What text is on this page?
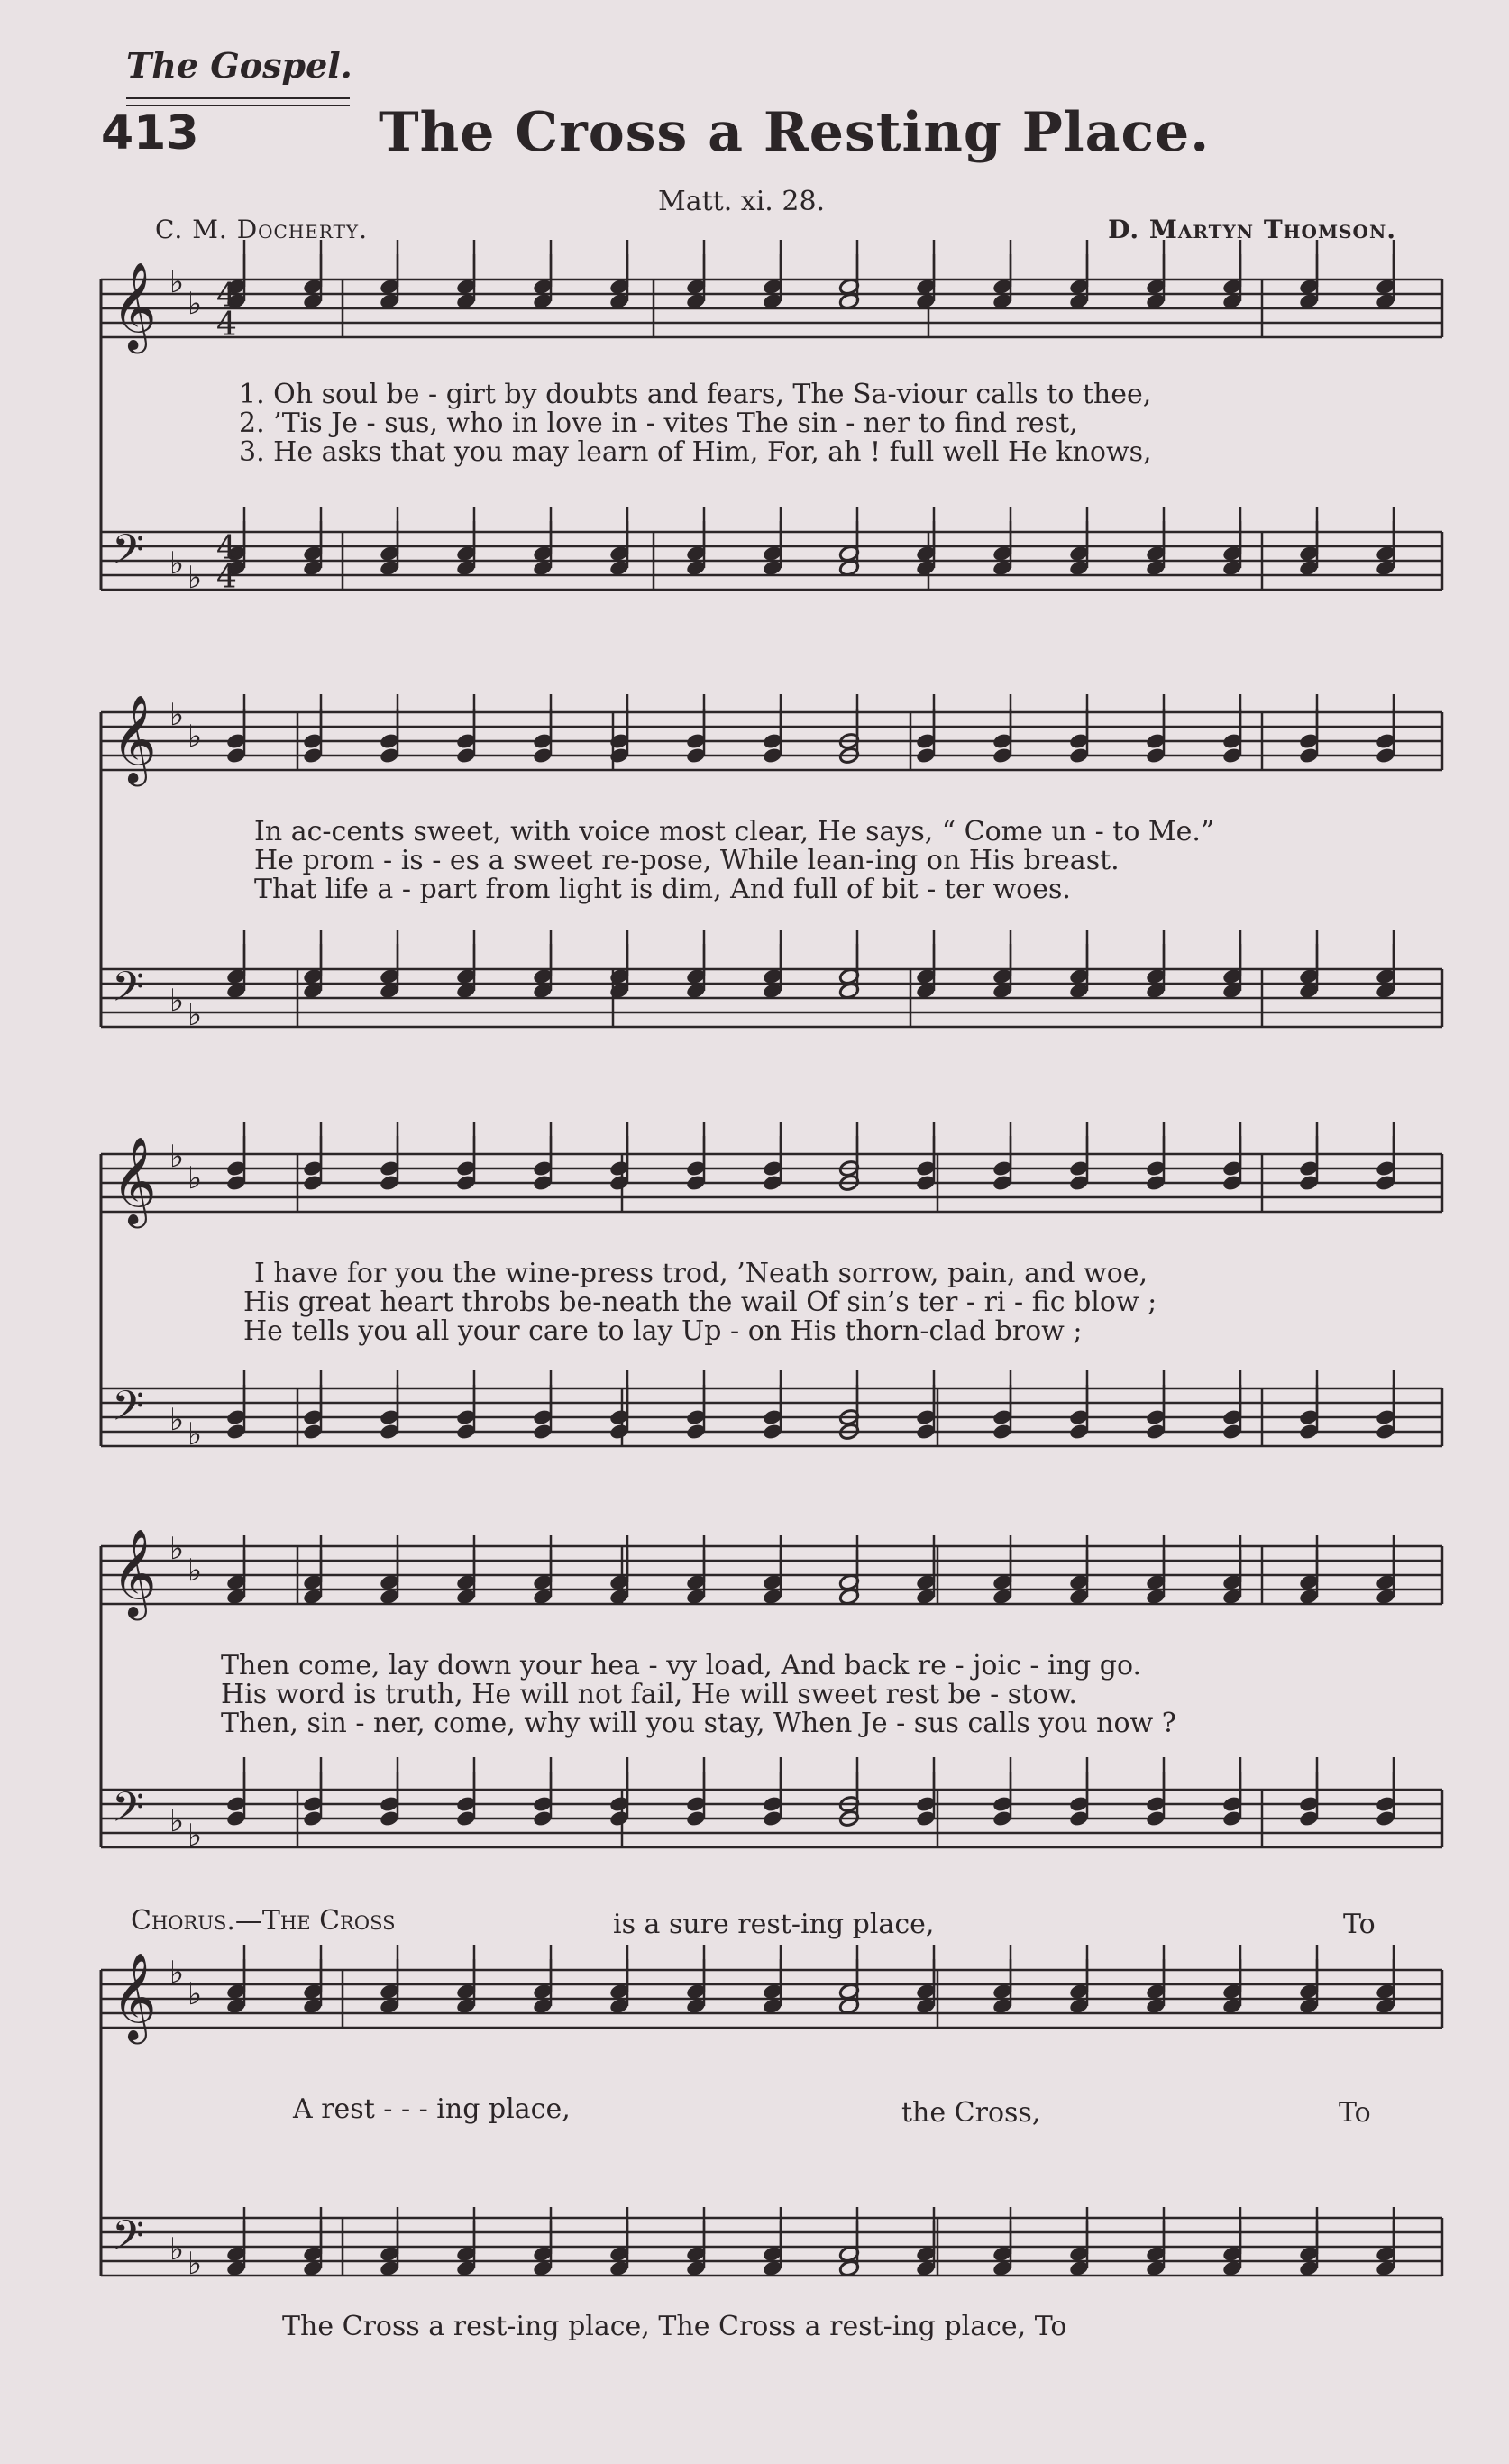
The Gospel.
413	The Cross a Resting Place.
Matt. xi. 28.
C. M. Docherty.	D. Martyn Thomson.
𝄞 ♭
♭
𝄢 ♭ ♭
𝄞 ♭
♭
𝄢 ♭ ♭
𝄞 ♭
♭
𝄢 ♭ ♭
𝄞 ♭
♭
𝄢 ♭ ♭
𝄞 ♭
♭
𝄢 ♭ ♭
4
4
4
4
1. Oh soul be - girt by doubts and fears, The Sa-viour calls to thee,
2. ’Tis Je - sus, who in love in - vites The sin - ner to find rest,
3. He asks that you may learn of Him, For, ah ! full well He knows,
In ac-cents sweet, with voice most clear, He says, “ Come un - to Me.”
He prom - is - es a sweet re-pose, While lean-ing on His breast.
That life a - part from light is dim, And full of bit - ter woes.
I have for you the wine-press trod, ’Neath sorrow, pain, and woe,
His great heart throbs be-neath the wail Of sin’s ter - ri - fic blow ;
He tells you all your care to lay Up - on His thorn-clad brow ;
Then come, lay down your hea - vy load, And back re - joic - ing go.
His word is truth, He will not fail, He will sweet rest be - stow.
Then, sin - ner, come, why will you stay, When Je - sus calls you now ?
Chorus.—The Cross	is a sure rest-ing place,	To
A rest - - - ing place,	the Cross,	To
The Cross a rest-ing place, The Cross a rest-ing place, To
